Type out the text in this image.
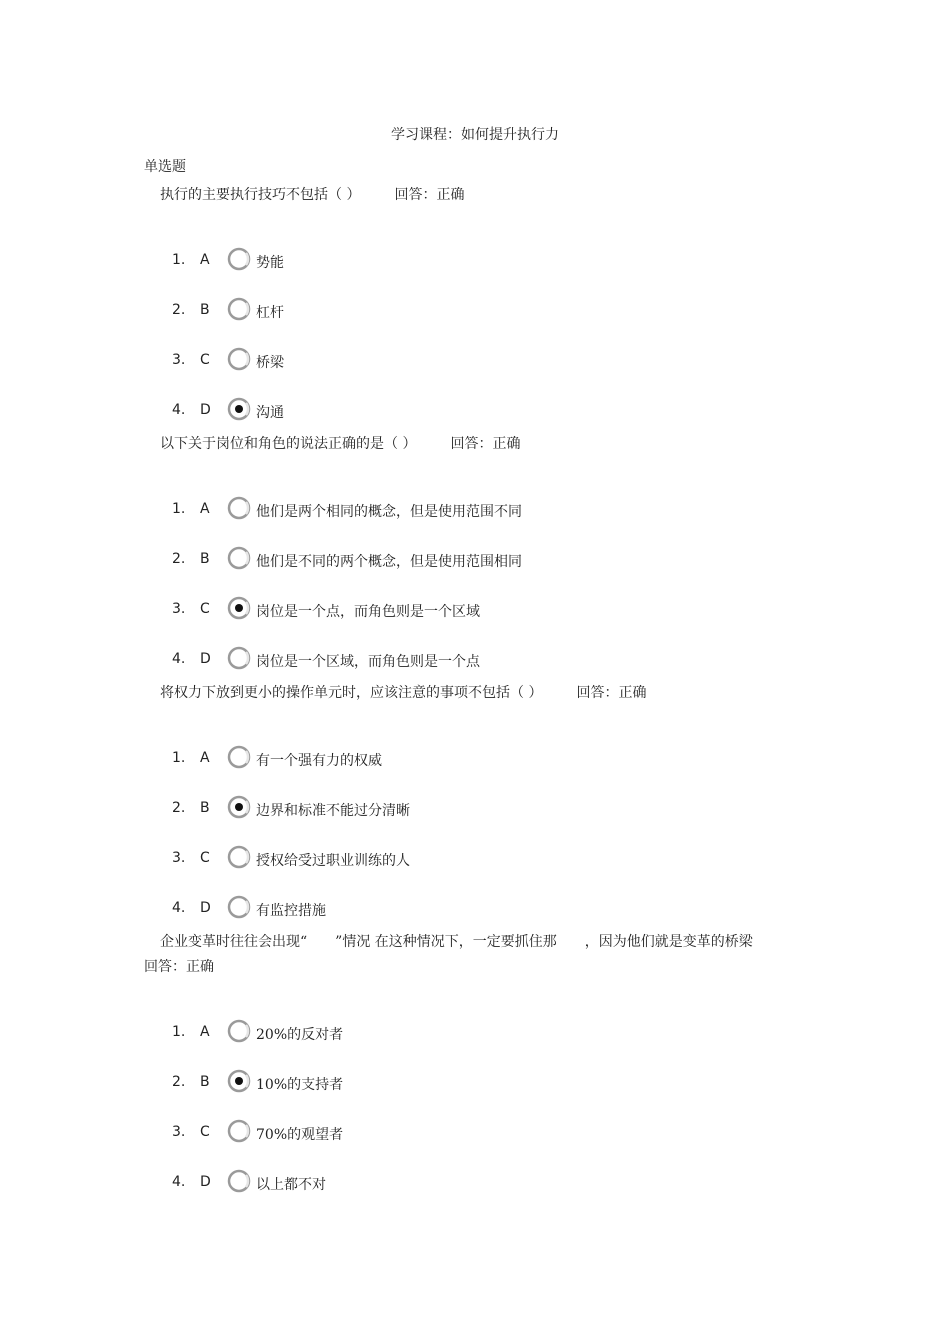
学习课程：如何提升执行力
单选题
执行的主要执行技巧不包括（ ） 回答：正确
1. A	势能
2. B	杠杆
3. C	桥梁
4. D	沟通
以下关于岗位和角色的说法正确的是（ ） 回答：正确
1. A	他们是两个相同的概念，但是使用范围不同
2. B	他们是不同的两个概念，但是使用范围相同
3. C	岗位是一个点，而角色则是一个区域
4. D	岗位是一个区域，而角色则是一个点
将权力下放到更小的操作单元时，应该注意的事项不包括（ ） 回答：正确
1. A	有一个强有力的权威
2. B	边界和标准不能过分清晰
3. C	授权给受过职业训练的人
4. D	有监控措施
企业变革时往往会出现“　　”情况 在这种情况下，一定要抓住那　　，因为他们就是变革的桥梁
回答：正确
1. A	20%的反对者
2. B	10%的支持者
3. C	70%的观望者
4. D	以上都不对
